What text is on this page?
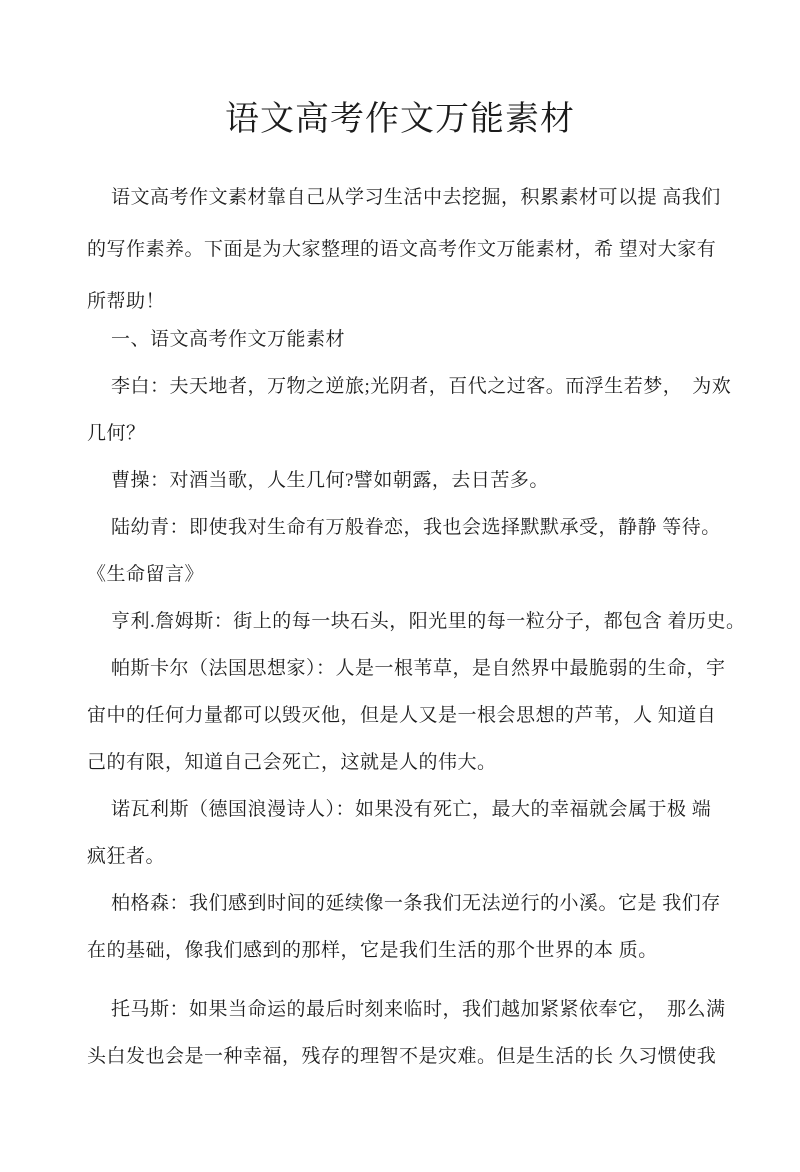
语文高考作文万能素材
语文高考作文素材靠自己从学习生活中去挖掘，积累素材可以提 高我们
的写作素养。下面是为大家整理的语文高考作文万能素材，希 望对大家有
所帮助！
一、语文高考作文万能素材
李白：夫天地者，万物之逆旅;光阴者，百代之过客。而浮生若梦，　为欢
几何？
曹操：对酒当歌，人生几何?譬如朝露，去日苦多。
陆幼青：即使我对生命有万般眷恋，我也会选择默默承受，静静 等待。
《生命留言》
亨利.詹姆斯：街上的每一块石头，阳光里的每一粒分子，都包含 着历史。
帕斯卡尔（法国思想家）：人是一根苇草，是自然界中最脆弱的生命，宇
宙中的任何力量都可以毁灭他，但是人又是一根会思想的芦苇，人 知道自
己的有限，知道自己会死亡，这就是人的伟大。
诺瓦利斯（德国浪漫诗人）：如果没有死亡，最大的幸福就会属于极 端
疯狂者。
柏格森：我们感到时间的延续像一条我们无法逆行的小溪。它是 我们存
在的基础，像我们感到的那样，它是我们生活的那个世界的本 质。
托马斯：如果当命运的最后时刻来临时，我们越加紧紧依奉它，　那么满
头白发也会是一种幸福，残存的理智不是灾难。但是生活的长 久习惯使我
